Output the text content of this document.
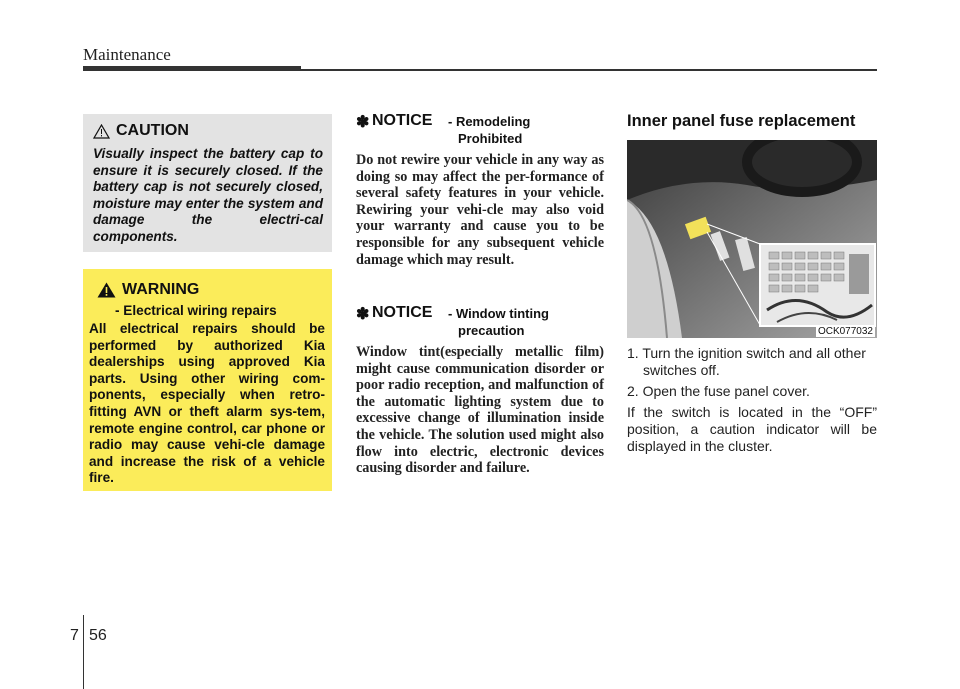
Maintenance
CAUTION
Visually inspect the battery cap to ensure it is securely closed. If the battery cap is not securely closed, moisture may enter the system and damage the electri-cal components.
WARNING
- Electrical wiring repairs
All electrical repairs should be performed by authorized Kia dealerships using approved Kia parts. Using other wiring com-ponents, especially when retro-fitting AVN or theft alarm sys-tem, remote engine control, car phone or radio may cause vehi-cle damage and increase the risk of a vehicle fire.
✽ NOTICE - Remodeling
Prohibited
Do not rewire your vehicle in any way as doing so may affect the per-formance of several safety features in your vehicle. Rewiring your vehi-cle may also void your warranty and cause you to be responsible for any subsequent vehicle damage which may result.
✽ NOTICE - Window tinting
precaution
Window tint(especially metallic film) might cause communication disorder or poor radio reception, and malfunction of the automatic lighting system due to excessive change of illumination inside the vehicle. The solution used might also flow into electric, electronic devices causing disorder and failure.
Inner panel fuse replacement
OCK077032

1. Turn the ignition switch and all other switches off.

2. Open the fuse panel cover.

If the switch is located in the “OFF” position, a caution indicator will be displayed in the cluster.

7 56
